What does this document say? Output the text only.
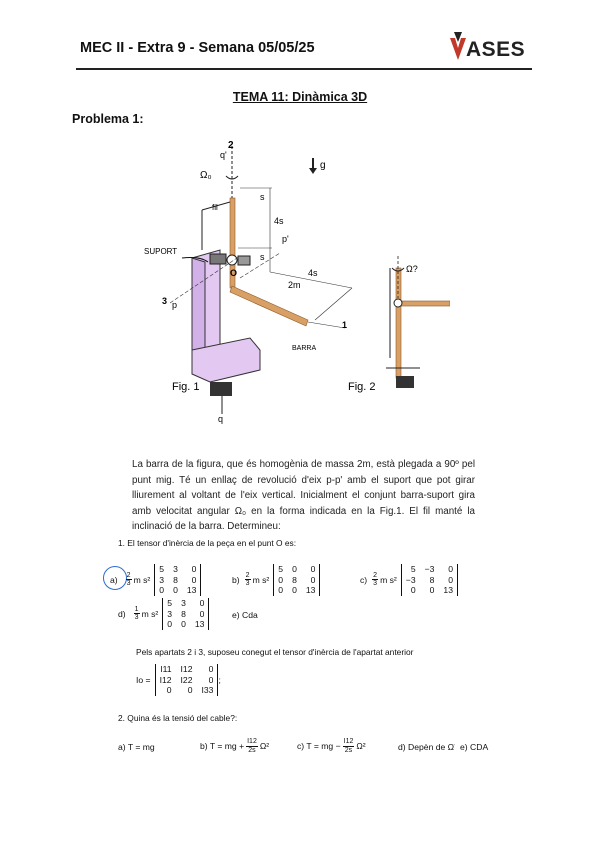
MEC II - Extra 9 - Semana 05/05/25	ASES
TEMA 11: Dinàmica 3D
Problema 1:
2
q'
Ω₀
g
fil
s
4s
p'
s
SUPORT
O
3 p
4s
2m
1
BARRA
q
Ω?
Fig. 1	Fig. 2
La barra de la figura, que és homogènia de massa 2m, està plegada a 90º pel punt mig. Té un enllaç de revolució d'eix p-p' amb el suport que pot girar lliurement al voltant de l'eix vertical. Inicialment el conjunt barra-suport gira amb velocitat angular Ω₀ en la forma indicada en la Fig.1. El fil manté la inclinació de la barra. Determineu:
1. El tensor d'inèrcia de la peça en el punt O es:
$a) \frac{2}{3}$ m s²
5 3	0
3 8	0
0 0 13
$b) \frac{2}{3}$ m s²
5 0	0
0 8	0
0 0 13
$c) \frac{2}{3}$ m s²
5 −3	0
−3	8	0
0	0 13
$d) \frac{1}{3}$ m s²
5 3	0
3 8	0
0 0 13
e) Cda
Pels apartats 2 i 3, suposeu conegut el tensor d'inèrcia de l'apartat anterior
Io =
I11 I12	0
I12 I22	0
0	0 I33
;
2. Quina és la tensió del cable?:
a) T = mg	b) T = mg + $\frac{I12}{2s} \Omega^2$	c) T = mg − $\frac{I12}{2s} \Omega^2$	d) Depèn de Ω̇ e) CDA
